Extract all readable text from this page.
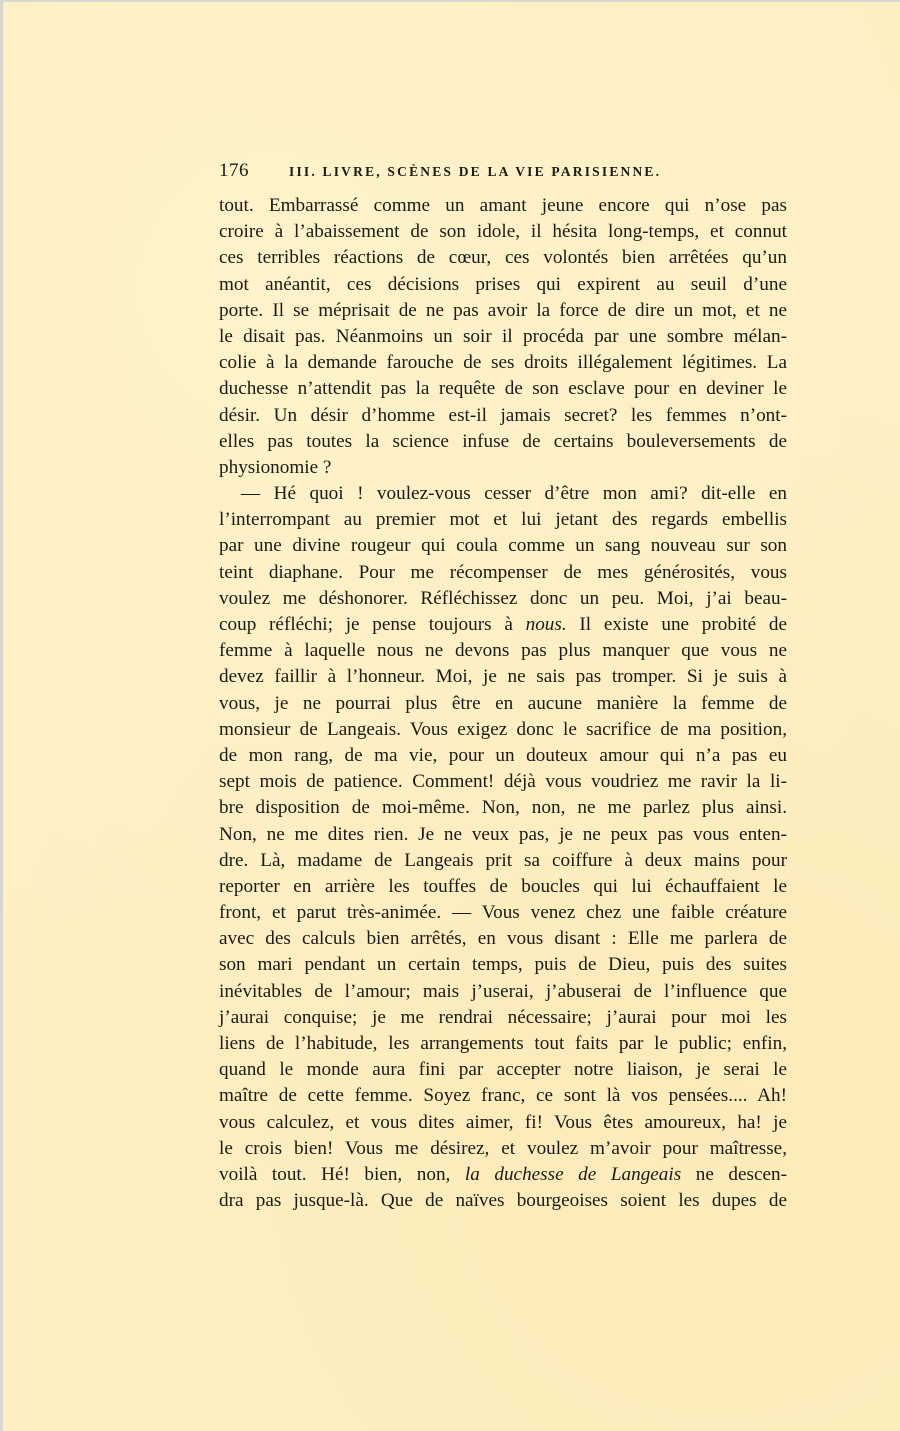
176	III. LIVRE, SCÈNES DE LA VIE PARISIENNE.
tout. Embarrassé comme un amant jeune encore qui n’ose pas
croire à l’abaissement de son idole, il hésita long-temps, et connut
ces terribles réactions de cœur, ces volontés bien arrêtées qu’un
mot anéantit, ces décisions prises qui expirent au seuil d’une
porte. Il se méprisait de ne pas avoir la force de dire un mot, et ne
le disait pas. Néanmoins un soir il procéda par une sombre mélan-
colie à la demande farouche de ses droits illégalement légitimes. La
duchesse n’attendit pas la requête de son esclave pour en deviner le
désir. Un désir d’homme est-il jamais secret? les femmes n’ont-
elles pas toutes la science infuse de certains bouleversements de
physionomie ?
— Hé quoi ! voulez-vous cesser d’être mon ami? dit-elle en
l’interrompant au premier mot et lui jetant des regards embellis
par une divine rougeur qui coula comme un sang nouveau sur son
teint diaphane. Pour me récompenser de mes générosités, vous
voulez me déshonorer. Réfléchissez donc un peu. Moi, j’ai beau-
coup réfléchi; je pense toujours à nous. Il existe une probité de
femme à laquelle nous ne devons pas plus manquer que vous ne
devez faillir à l’honneur. Moi, je ne sais pas tromper. Si je suis à
vous, je ne pourrai plus être en aucune manière la femme de
monsieur de Langeais. Vous exigez donc le sacrifice de ma position,
de mon rang, de ma vie, pour un douteux amour qui n’a pas eu
sept mois de patience. Comment! déjà vous voudriez me ravir la li-
bre disposition de moi-même. Non, non, ne me parlez plus ainsi.
Non, ne me dites rien. Je ne veux pas, je ne peux pas vous enten-
dre. Là, madame de Langeais prit sa coiffure à deux mains pour
reporter en arrière les touffes de boucles qui lui échauffaient le
front, et parut très-animée. — Vous venez chez une faible créature
avec des calculs bien arrêtés, en vous disant : Elle me parlera de
son mari pendant un certain temps, puis de Dieu, puis des suites
inévitables de l’amour; mais j’userai, j’abuserai de l’influence que
j’aurai conquise; je me rendrai nécessaire; j’aurai pour moi les
liens de l’habitude, les arrangements tout faits par le public; enfin,
quand le monde aura fini par accepter notre liaison, je serai le
maître de cette femme. Soyez franc, ce sont là vos pensées.... Ah!
vous calculez, et vous dites aimer, fi! Vous êtes amoureux, ha! je
le crois bien! Vous me désirez, et voulez m’avoir pour maîtresse,
voilà tout. Hé! bien, non, la duchesse de Langeais ne descen-
dra pas jusque-là. Que de naïves bourgeoises soient les dupes de
